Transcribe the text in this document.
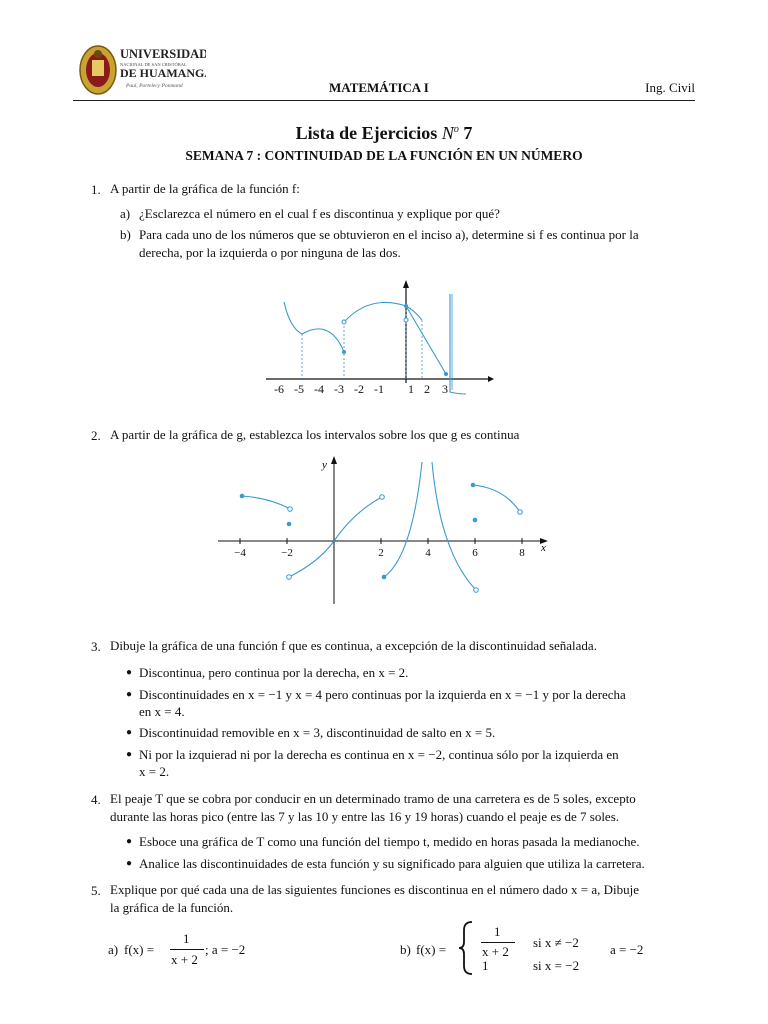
UNIVERSIDAD
NACIONAL DE SAN CRISTÓBAL
DE HUAMANGA
Paul, Portelecy Ponmand	MATEMÁTICA I	Ing. Civil
Lista de Ejercicios $N^o$ 7
SEMANA 7 : CONTINUIDAD DE LA FUNCIÓN EN UN NÚMERO
1. A partir de la gráfica de la función f:
a) ¿Esclarezca el número en el cual f es discontinua y explique por qué?
b) Para cada uno de los números que se obtuvieron en el inciso a), determine si f es continua por la
derecha, por la izquierda o por ninguna de las dos.
-6 -5 -4 -3 -2 -1 1 2 3
2. A partir de la gráfica de g, establezca los intervalos sobre los que g es continua
y
x
−4	−2	2	4	6	8
3. Dibuje la gráfica de una función f que es continua, a excepción de la discontinuidad señalada.
● Discontinua, pero continua por la derecha, en x = 2.
● Discontinuidades en x = −1 y x = 4 pero continuas por la izquierda en x = −1 y por la derecha
en x = 4.
● Discontinuidad removible en x = 3, discontinuidad de salto en x = 5.
● Ni por la izquierad ni por la derecha es continua en x = −2, continua sólo por la izquierda en
x = 2.
4. El peaje T que se cobra por conducir en un determinado tramo de una carretera es de 5 soles, excepto
durante las horas pico (entre las 7 y las 10 y entre las 16 y 19 horas) cuando el peaje es de 7 soles.
● Esboce una gráfica de T como una función del tiempo t, medido en horas pasada la medianoche.
● Analice las discontinuidades de esta función y su significado para alguien que utiliza la carretera.
5. Explique por qué cada una de las siguientes funciones es discontinua en el número dado x = a, Dibuje
la gráfica de la función.
a) f(x) =
1
x + 2
; a = −2	b) f(x) =
1
x + 2
si x ≠ −2
1	si x = −2
a = −2
